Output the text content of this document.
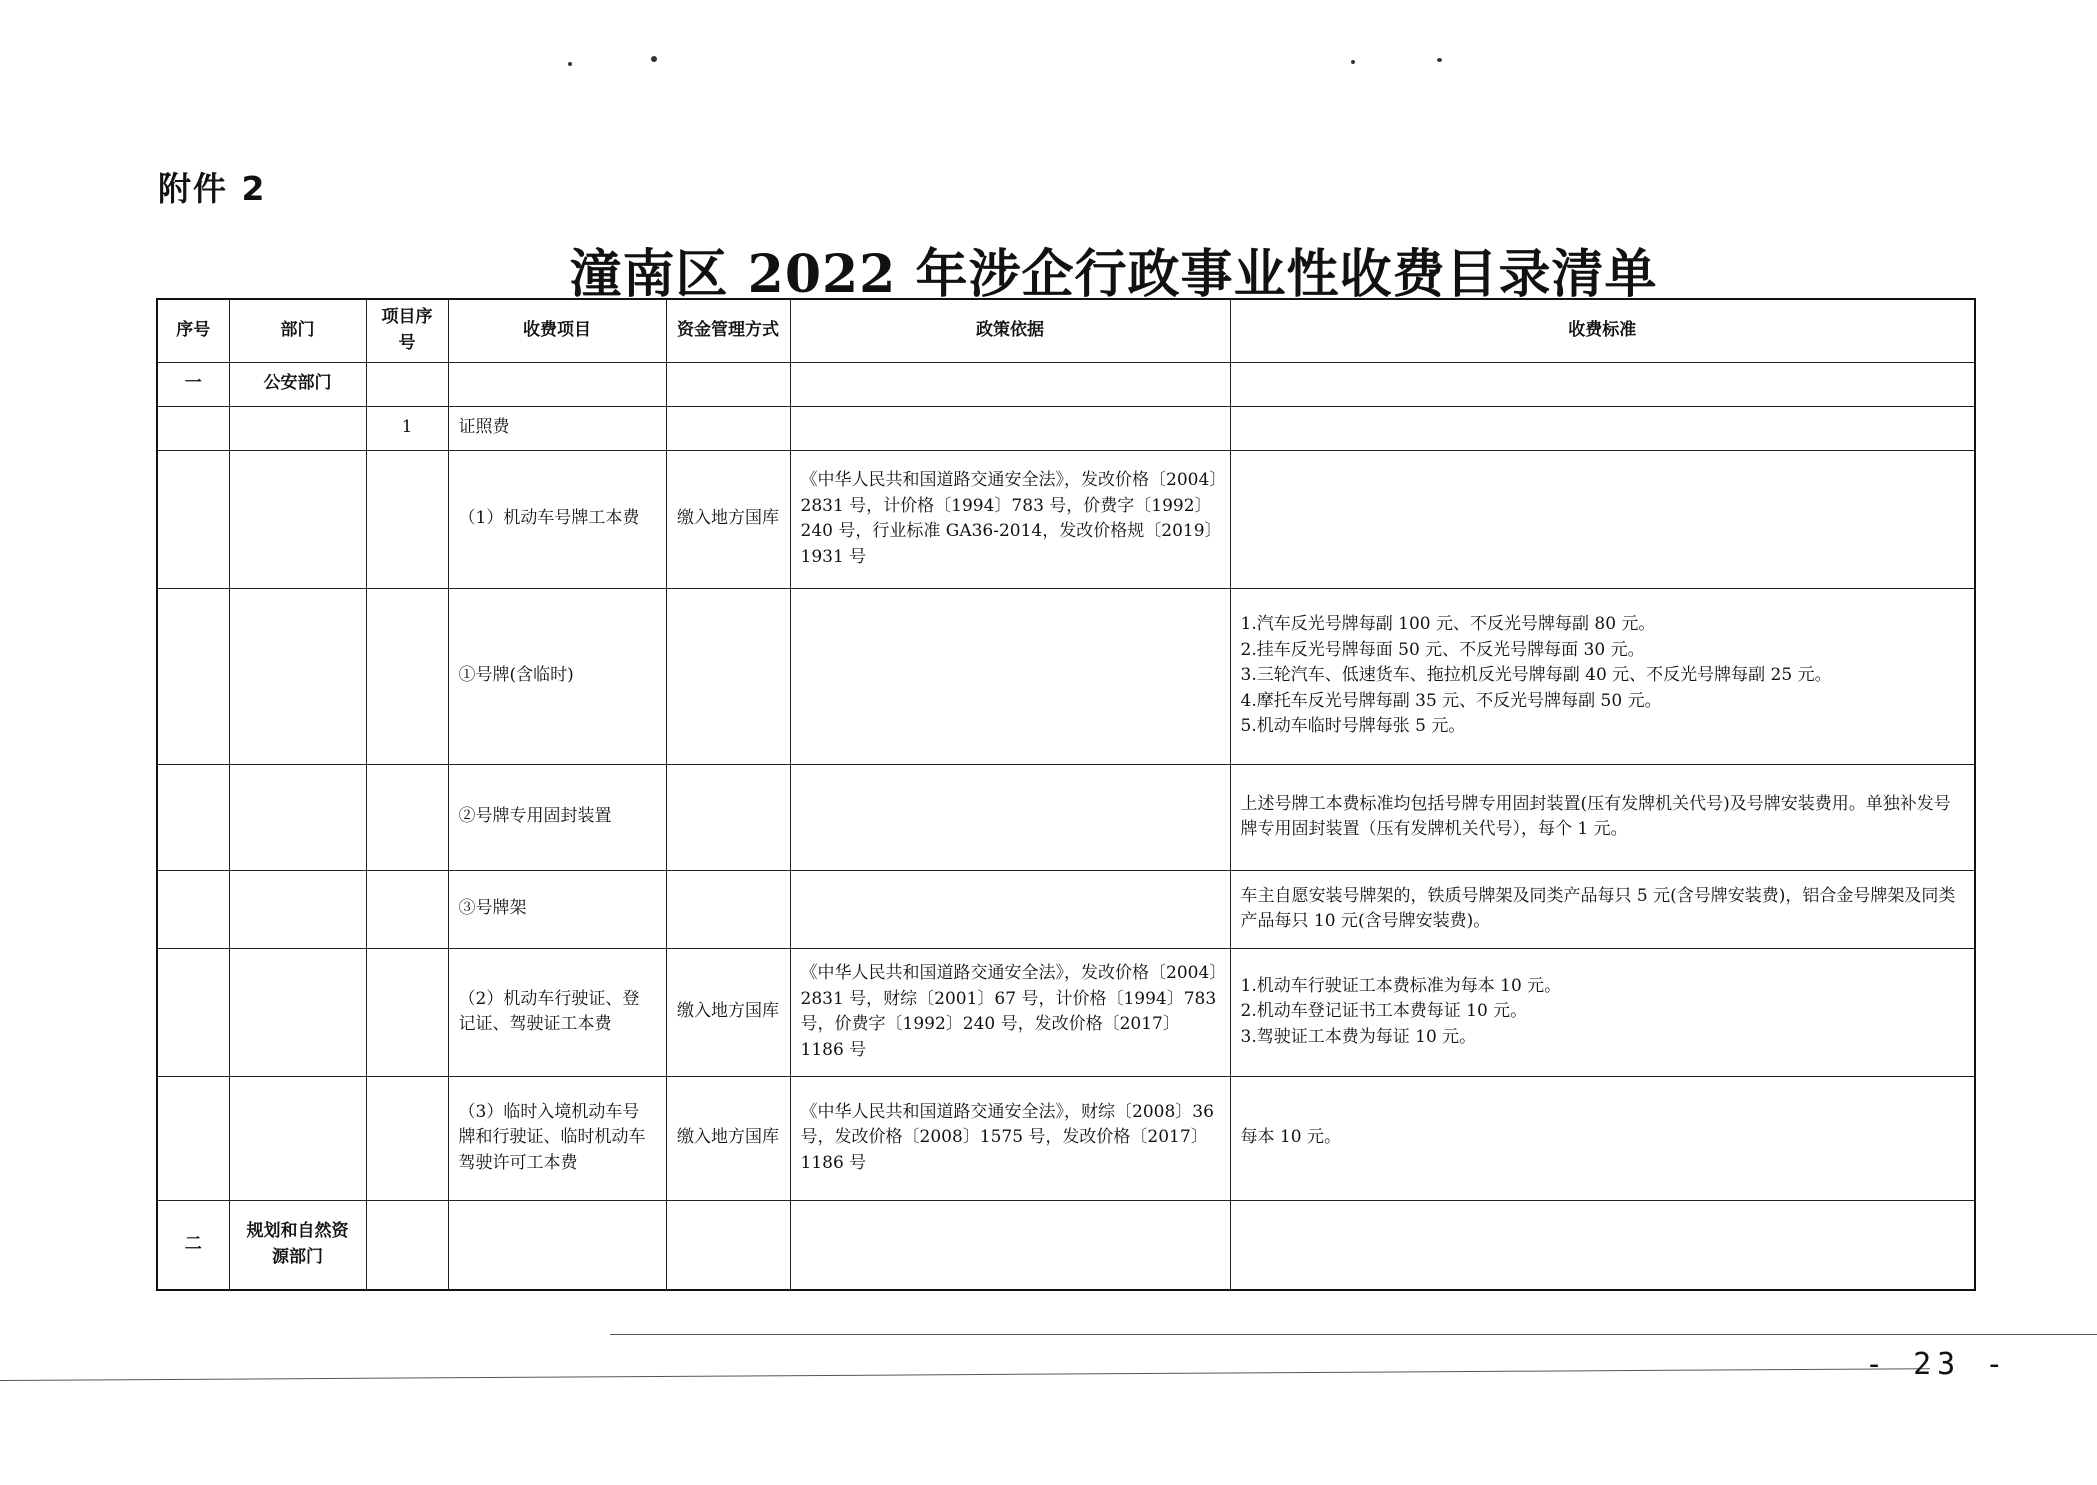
附件 2
潼南区 2022 年涉企行政事业性收费目录清单
序号	部门	项目序号	收费项目	资金管理方式	政策依据	收费标准
一	公安部门					
		1	证照费			
			（1）机动车号牌工本费	缴入地方国库	《中华人民共和国道路交通安全法》，发改价格〔2004〕2831 号，计价格〔1994〕783 号，价费字〔1992〕240 号，行业标准 GA36-2014，发改价格规〔2019〕1931 号	
			①号牌(含临时)			1.汽车反光号牌每副 100 元、不反光号牌每副 80 元。
2.挂车反光号牌每面 50 元、不反光号牌每面 30 元。
3.三轮汽车、低速货车、拖拉机反光号牌每副 40 元、不反光号牌每副 25 元。
4.摩托车反光号牌每副 35 元、不反光号牌每副 50 元。
5.机动车临时号牌每张 5 元。

			②号牌专用固封装置			上述号牌工本费标准均包括号牌专用固封装置(压有发牌机关代号)及号牌安装费用。单独补发号牌专用固封装置（压有发牌机关代号），每个 1 元。

			③号牌架			车主自愿安装号牌架的，铁质号牌架及同类产品每只 5 元(含号牌安装费)，铝合金号牌架及同类产品每只 10 元(含号牌安装费)。

			（2）机动车行驶证、登记证、驾驶证工本费	缴入地方国库	《中华人民共和国道路交通安全法》，发改价格〔2004〕2831 号，财综〔2001〕67 号，计价格〔1994〕783 号，价费字〔1992〕240 号，发改价格〔2017〕1186 号	1.机动车行驶证工本费标准为每本 10 元。
2.机动车登记证书工本费每证 10 元。
3.驾驶证工本费为每证 10 元。

			（3）临时入境机动车号牌和行驶证、临时机动车驾驶许可工本费	缴入地方国库	《中华人民共和国道路交通安全法》，财综〔2008〕36 号，发改价格〔2008〕1575 号，发改价格〔2017〕1186 号	每本 10 元。

二	规划和自然资源部门					
- 23 -
